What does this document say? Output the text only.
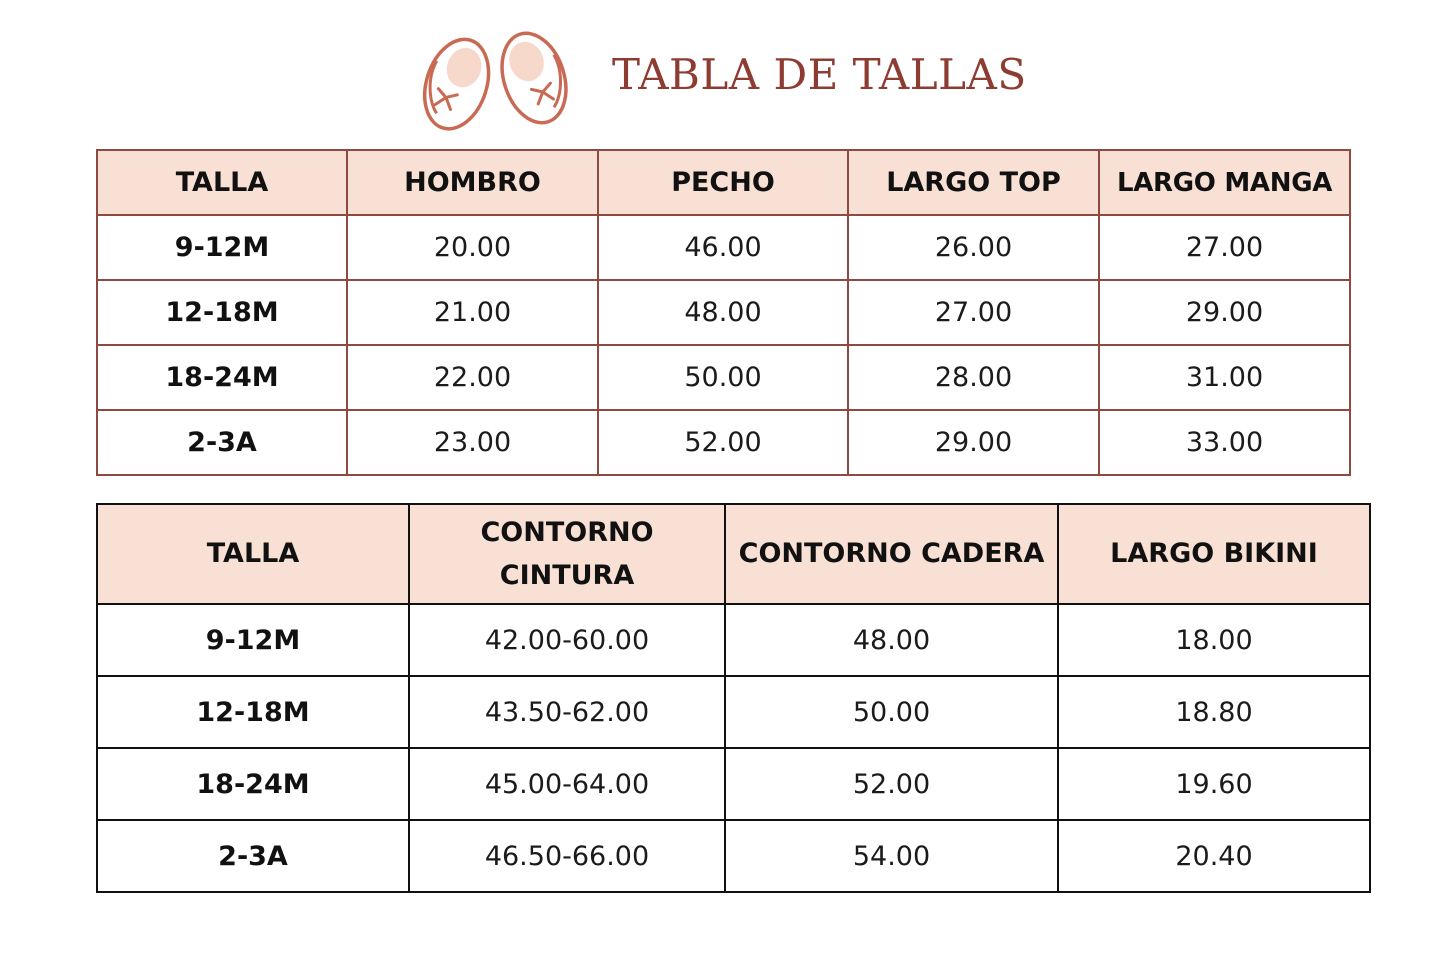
TABLA DE TALLAS
TALLA	HOMBRO	PECHO	LARGO TOP	LARGO MANGA
9-12M	20.00	46.00	26.00	27.00
12-18M	21.00	48.00	27.00	29.00
18-24M	22.00	50.00	28.00	31.00
2-3A	23.00	52.00	29.00	33.00
TALLA	CONTORNO CINTURA	CONTORNO CADERA	LARGO BIKINI
9-12M	42.00-60.00	48.00	18.00
12-18M	43.50-62.00	50.00	18.80
18-24M	45.00-64.00	52.00	19.60
2-3A	46.50-66.00	54.00	20.40
